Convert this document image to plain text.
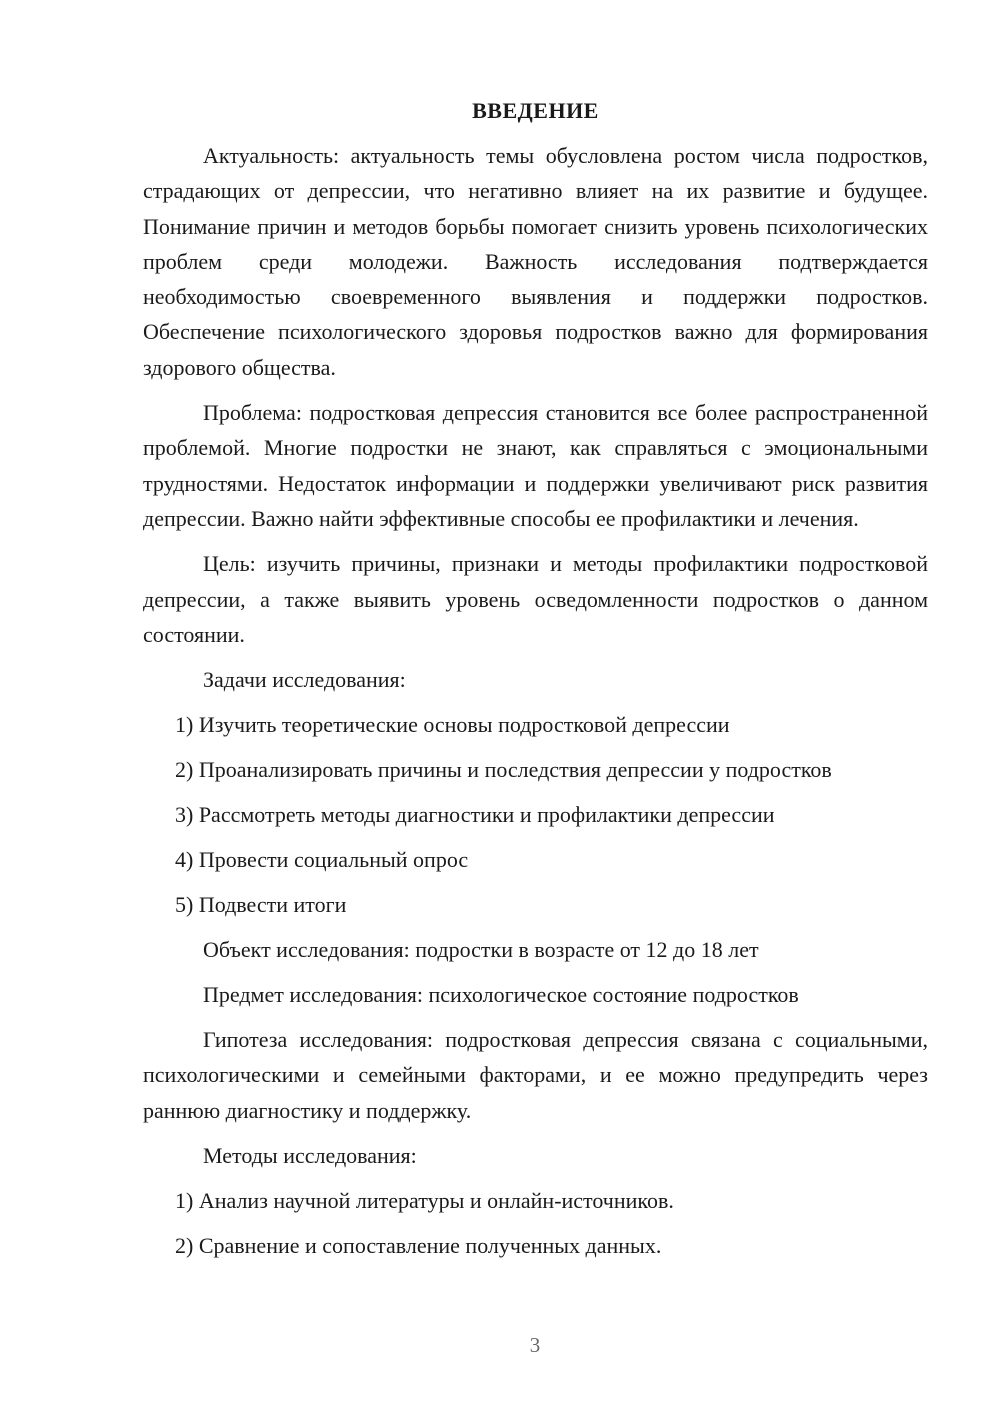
ВВЕДЕНИЕ

Актуальность: актуальность темы обусловлена ростом числа подростков, страдающих от депрессии, что негативно влияет на их развитие и будущее. Понимание причин и методов борьбы помогает снизить уровень психологических проблем среди молодежи. Важность исследования подтверждается необходимостью своевременного выявления и поддержки подростков. Обеспечение психологического здоровья подростков важно для формирования здорового общества.

Проблема: подростковая депрессия становится все более распространенной проблемой. Многие подростки не знают, как справляться с эмоциональными трудностями. Недостаток информации и поддержки увеличивают риск развития депрессии. Важно найти эффективные способы ее профилактики и лечения.

Цель: изучить причины, признаки и методы профилактики подростковой депрессии, а также выявить уровень осведомленности подростков о данном состоянии.

Задачи исследования:

1) Изучить теоретические основы подростковой депрессии

2) Проанализировать причины и последствия депрессии у подростков

3) Рассмотреть методы диагностики и профилактики депрессии

4) Провести социальный опрос

5) Подвести итоги

Объект исследования: подростки в возрасте от 12 до 18 лет

Предмет исследования: психологическое состояние подростков

Гипотеза исследования: подростковая депрессия связана с социальными, психологическими и семейными факторами, и ее можно предупредить через раннюю диагностику и поддержку.

Методы исследования:

1) Анализ научной литературы и онлайн-источников.

2) Сравнение и сопоставление полученных данных.

3
